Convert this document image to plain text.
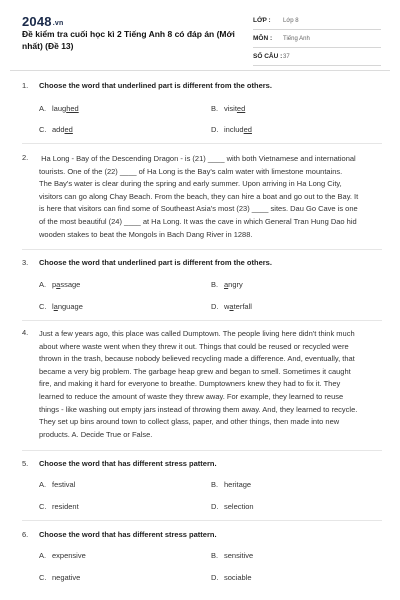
2048.vn
Đề kiểm tra cuối học kì 2 Tiếng Anh 8 có đáp án (Mới nhất) (Đề 13)
LỚP :	Lớp 8
MÔN :	Tiếng Anh
SỐ CÂU : 37
1. Choose the word that underlined part is different from the others.
A. laughed	B. visited
C. added	D. included
2. Ha Long - Bay of the Descending Dragon - is (21) ____ with both Vietnamese and international
tourists. One of the (22) ____ of Ha Long is the Bay's calm water with limestone mountains.
The Bay's water is clear during the spring and early summer. Upon arriving in Ha Long City,
visitors can go along Chay Beach. From the beach, they can hire a boat and go out to the Bay. It
is here that visitors can find some of Southeast Asia's most (23) ____ sites. Dau Go Cave is one
of the most beautiful (24) ____ at Ha Long. It was the cave in which General Tran Hung Dao hid
wooden stakes to beat the Mongols in Bach Dang River in 1288.
3. Choose the word that underlined part is different from the others.
A. passage	B. angry
C. language	D. waterfall
4. Just a few years ago, this place was called Dumptown. The people living here didn't think much
about where waste went when they threw it out. Things that could be reused or recycled were
thrown in the trash, because nobody believed recycling made a difference. And, eventually, that
became a very big problem. The garbage heap grew and began to smell. Sometimes it caught
fire, and making it hard for everyone to breathe. Dumptowners knew they had to fix it. They
learned to reduce the amount of waste they threw away. For example, they learned to reuse
things - like washing out empty jars instead of throwing them away. And, they learned to recycle.
They set up bins around town to collect glass, paper, and other things, then made into new
products. A. Decide True or False.
5. Choose the word that has different stress pattern.
A. festival	B. heritage
C. resident	D. selection
6. Choose the word that has different stress pattern.
A. expensive	B. sensitive
C. negative	D. sociable
